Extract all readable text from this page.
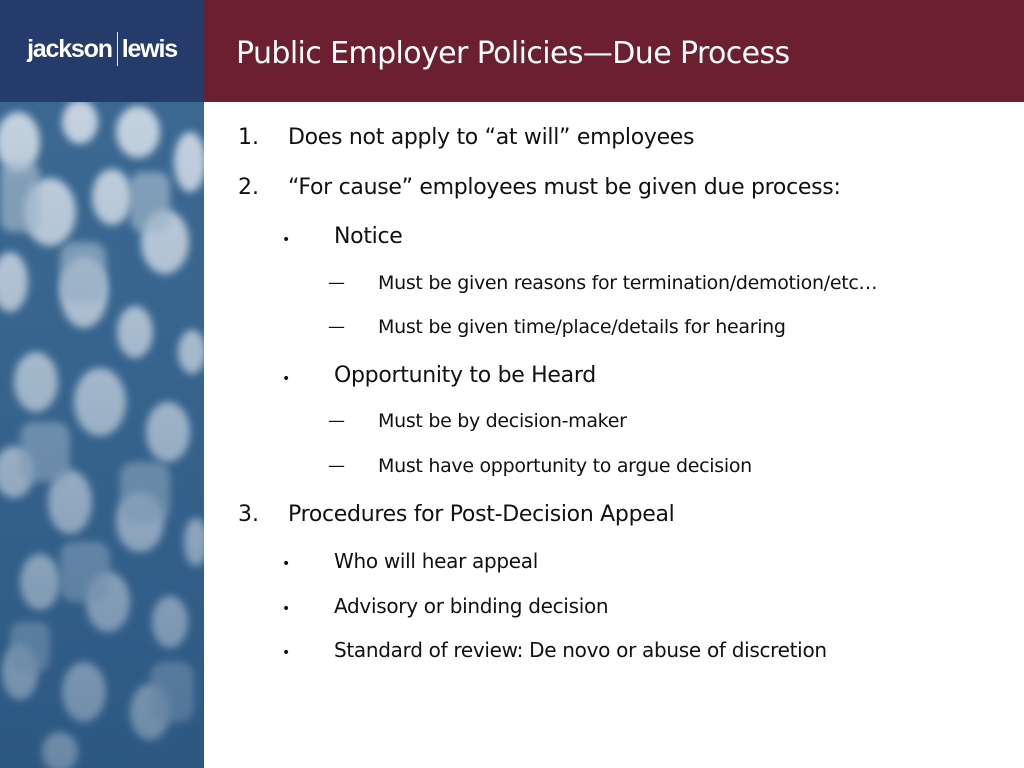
jackson lewis Public Employer Policies—Due Process
1. Does not apply to “at will” employees
2. “For cause” employees must be given due process:
• Notice
— Must be given reasons for termination/demotion/etc…
— Must be given time/place/details for hearing
• Opportunity to be Heard
— Must be by decision-maker
— Must have opportunity to argue decision
3. Procedures for Post-Decision Appeal
• Who will hear appeal
• Advisory or binding decision
• Standard of review: De novo or abuse of discretion
